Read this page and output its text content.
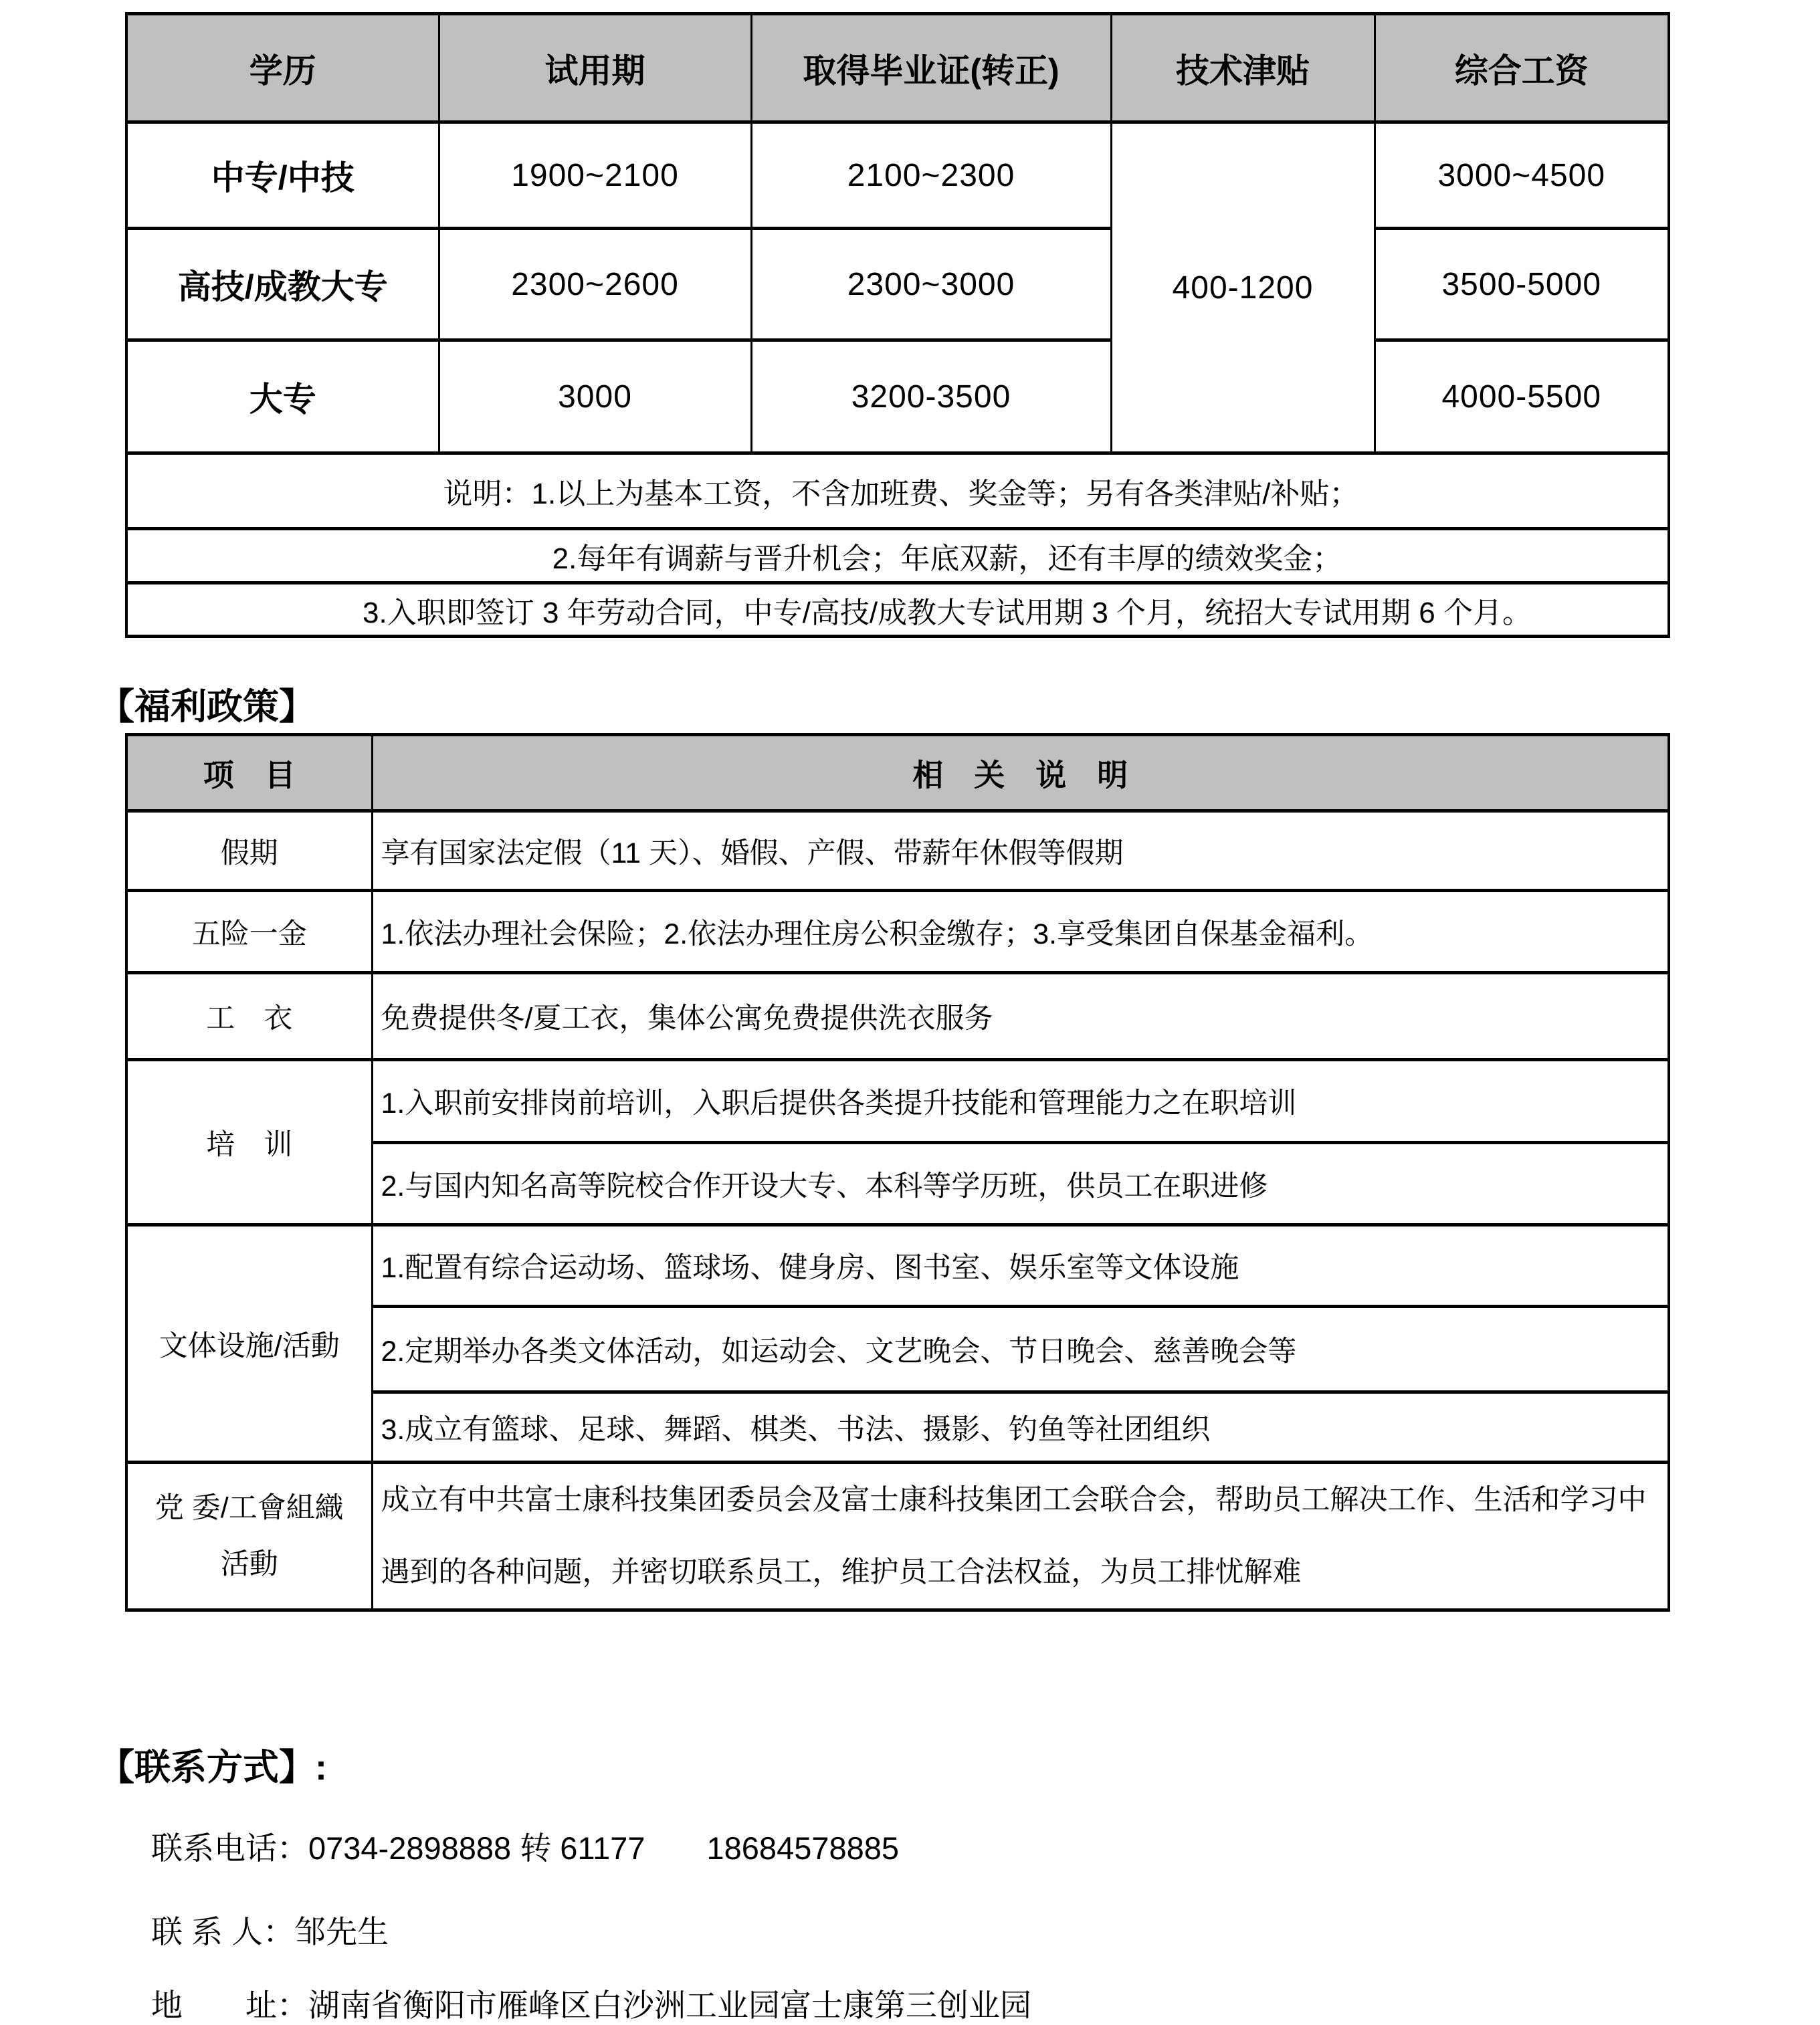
学历	试用期	取得毕业证(转正)	技术津贴	综合工资
中专/中技	1900~2100	2100~2300	400-1200	3000~4500
高技/成教大专	2300~2600	2300~3000		3500-5000
大专	3000	3200-3500		4000-5500
说明：1.以上为基本工资，不含加班费、奖金等；另有各类津贴/补贴；				
2.每年有调薪与晋升机会；年底双薪，还有丰厚的绩效奖金；				
3.入职即签订 3 年劳动合同，中专/高技/成教大专试用期 3 个月，统招大专试用期 6 个月。				
【福利政策】
项　目	相　关　说　明
假期	享有国家法定假（11 天）、婚假、产假、带薪年休假等假期
五险一金	1.依法办理社会保险；2.依法办理住房公积金缴存；3.享受集团自保基金福利。
工　衣	免费提供冬/夏工衣，集体公寓免费提供洗衣服务
培　训	1.入职前安排岗前培训，入职后提供各类提升技能和管理能力之在职培训
	2.与国内知名高等院校合作开设大专、本科等学历班，供员工在职进修
文体设施/活動	1.配置有综合运动场、篮球场、健身房、图书室、娱乐室等文体设施
	2.定期举办各类文体活动，如运动会、文艺晚会、节日晚会、慈善晚会等
	3.成立有篮球、足球、舞蹈、棋类、书法、摄影、钓鱼等社团组织

党 委/工會組織
活動	成立有中共富士康科技集团委员会及富士康科技集团工会联合会，帮助员工解决工作、生活和学习中遇到的各种问题，并密切联系员工，维护员工合法权益，为员工排忧解难
【联系方式】:
联系电话：0734-2898888 转 61177 18684578885
联 系 人：邹先生
地　　址：湖南省衡阳市雁峰区白沙洲工业园富士康第三创业园
